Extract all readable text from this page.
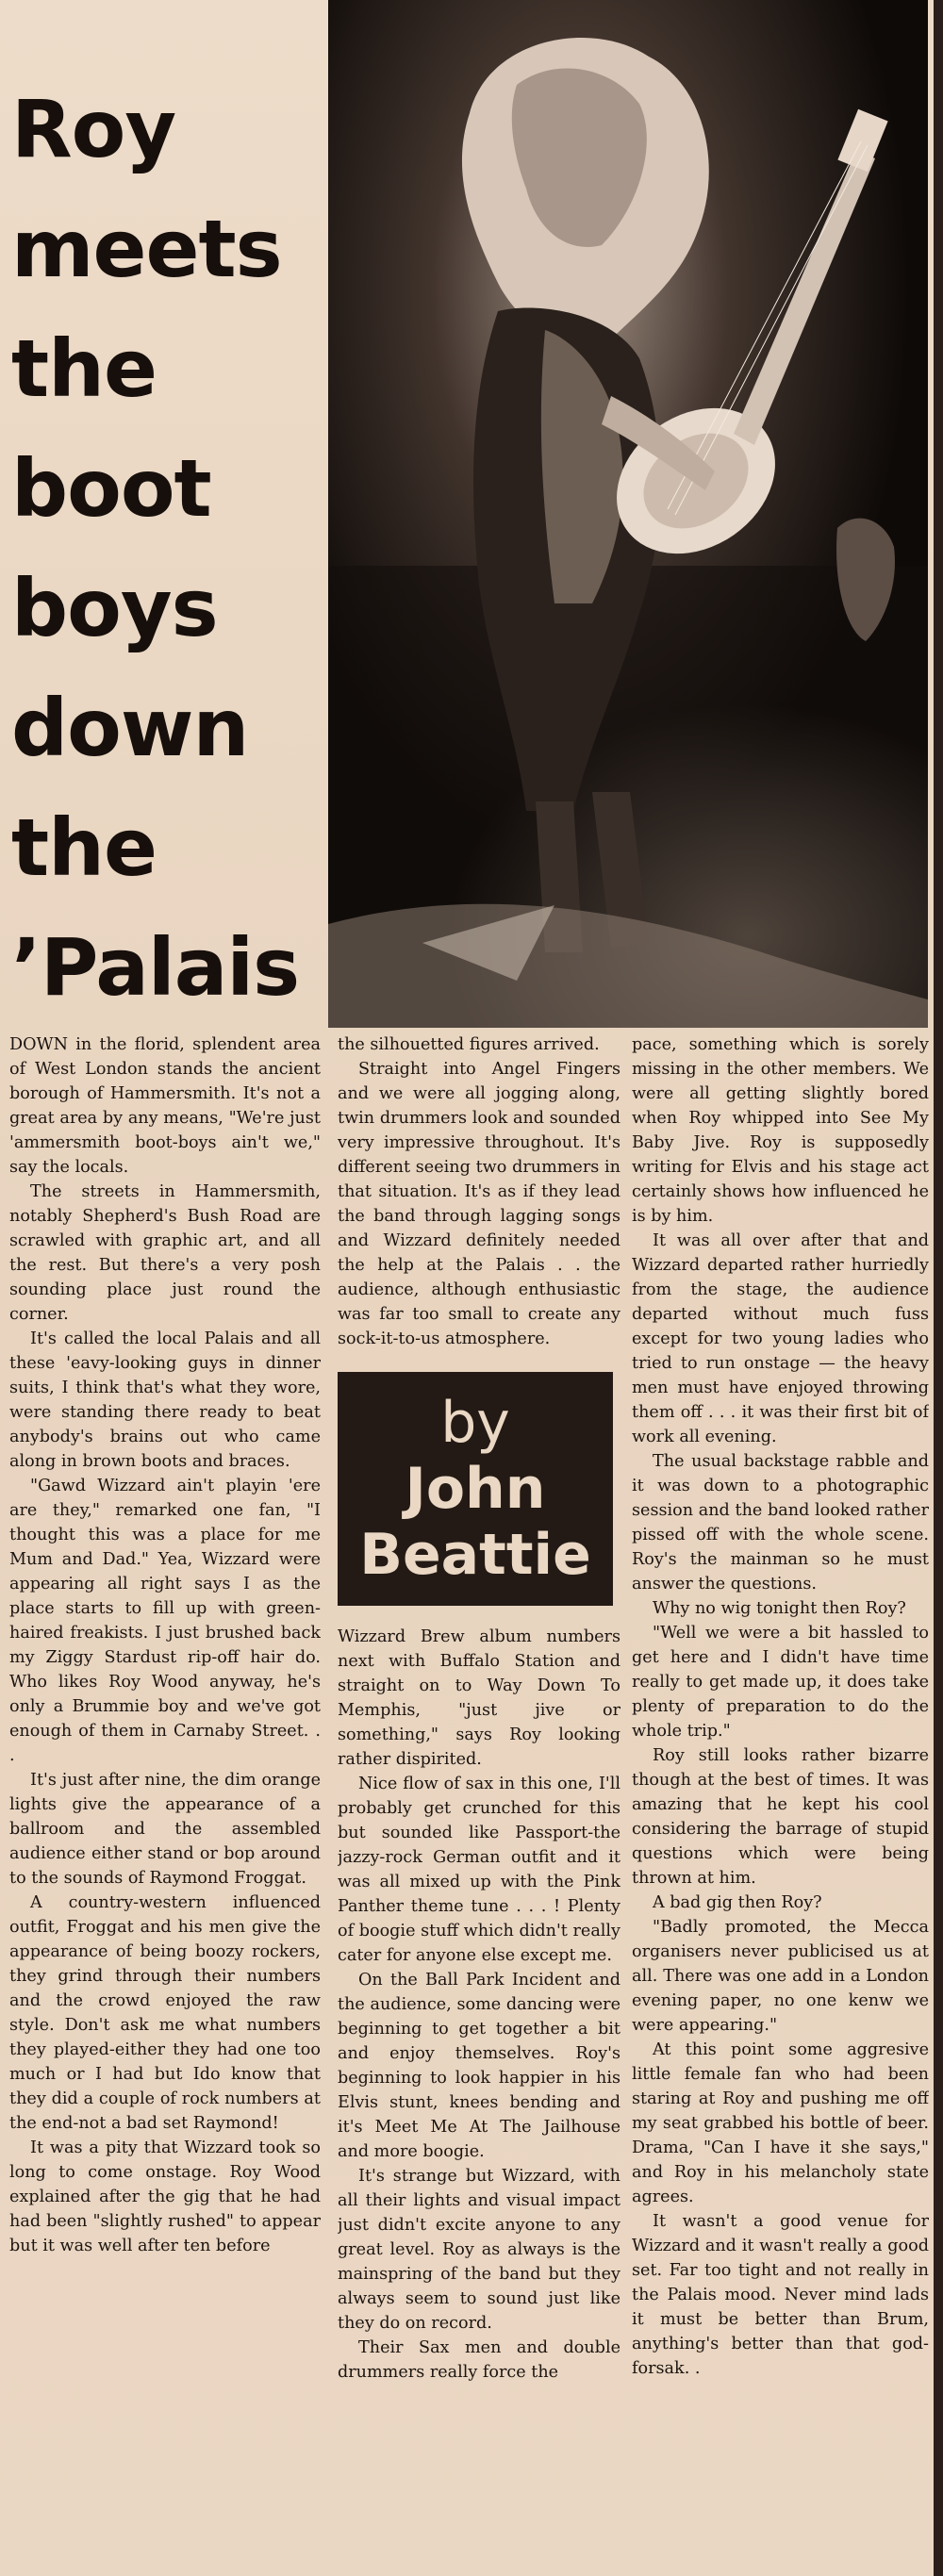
Roy
meets
the
boot
boys
down
the
’Palais

DOWN in the florid, splendent area of West London stands the ancient borough of Hammersmith. It's not a great area by any means, "We're just 'ammersmith boot-boys ain't we," say the locals.

The streets in Hammersmith, notably Shepherd's Bush Road are scrawled with graphic art, and all the rest. But there's a very posh sounding place just round the corner.

It's called the local Palais and all these 'eavy-looking guys in dinner suits, I think that's what they wore, were standing there ready to beat anybody's brains out who came along in brown boots and braces.

"Gawd Wizzard ain't playin 'ere are they," remarked one fan, "I thought this was a place for me Mum and Dad." Yea, Wizzard were appearing all right says I as the place starts to fill up with green-haired freakists. I just brushed back my Ziggy Stardust rip-off hair do. Who likes Roy Wood anyway, he's only a Brummie boy and we've got enough of them in Carnaby Street. . .

It's just after nine, the dim orange lights give the appearance of a ballroom and the assembled audience either stand or bop around to the sounds of Raymond Froggat.

A country-western influenced outfit, Froggat and his men give the appearance of being boozy rockers, they grind through their numbers and the crowd enjoyed the raw style. Don't ask me what numbers they played-either they had one too much or I had but Ido know that they did a couple of rock numbers at the end-not a bad set Raymond!

It was a pity that Wizzard took so long to come onstage. Roy Wood explained after the gig that he had had been "slightly rushed" to appear but it was well after ten before

the silhouetted figures arrived.

Straight into Angel Fingers and we were all jogging along, twin drummers look and sounded very impressive throughout. It's different seeing two drummers in that situation. It's as if they lead the band through lagging songs and Wizzard definitely needed the help at the Palais . . the audience, although enthusiastic was far too small to create any sock-it-to-us atmosphere.

by
John
Beattie

Wizzard Brew album numbers next with Buffalo Station and straight on to Way Down To Memphis, "just jive or something," says Roy looking rather dispirited.

Nice flow of sax in this one, I'll probably get crunched for this but sounded like Passport-the jazzy-rock German outfit and it was all mixed up with the Pink Panther theme tune . . . ! Plenty of boogie stuff which didn't really cater for anyone else except me.

On the Ball Park Incident and the audience, some dancing were beginning to get together a bit and enjoy themselves. Roy's beginning to look happier in his Elvis stunt, knees bending and it's Meet Me At The Jailhouse and more boogie.

It's strange but Wizzard, with all their lights and visual impact just didn't excite anyone to any great level. Roy as always is the mainspring of the band but they always seem to sound just like they do on record.

Their Sax men and double drummers really force the

pace, something which is sorely missing in the other members. We were all getting slightly bored when Roy whipped into See My Baby Jive. Roy is supposedly writing for Elvis and his stage act certainly shows how influenced he is by him.

It was all over after that and Wizzard departed rather hurriedly from the stage, the audience departed without much fuss except for two young ladies who tried to run onstage — the heavy men must have enjoyed throwing them off . . . it was their first bit of work all evening.

The usual backstage rabble and it was down to a photographic session and the band looked rather pissed off with the whole scene. Roy's the mainman so he must answer the questions.

Why no wig tonight then Roy?

"Well we were a bit hassled to get here and I didn't have time really to get made up, it does take plenty of preparation to do the whole trip."

Roy still looks rather bizarre though at the best of times. It was amazing that he kept his cool considering the barrage of stupid questions which were being thrown at him.

A bad gig then Roy?

"Badly promoted, the Mecca organisers never publicised us at all. There was one add in a London evening paper, no one kenw we were appearing."

At this point some aggresive little female fan who had been staring at Roy and pushing me off my seat grabbed his bottle of beer. Drama, "Can I have it she says," and Roy in his melancholy state agrees.

It wasn't a good venue for Wizzard and it wasn't really a good set. Far too tight and not really in the Palais mood. Never mind lads it must be better than Brum, anything's better than that god-forsak. .
